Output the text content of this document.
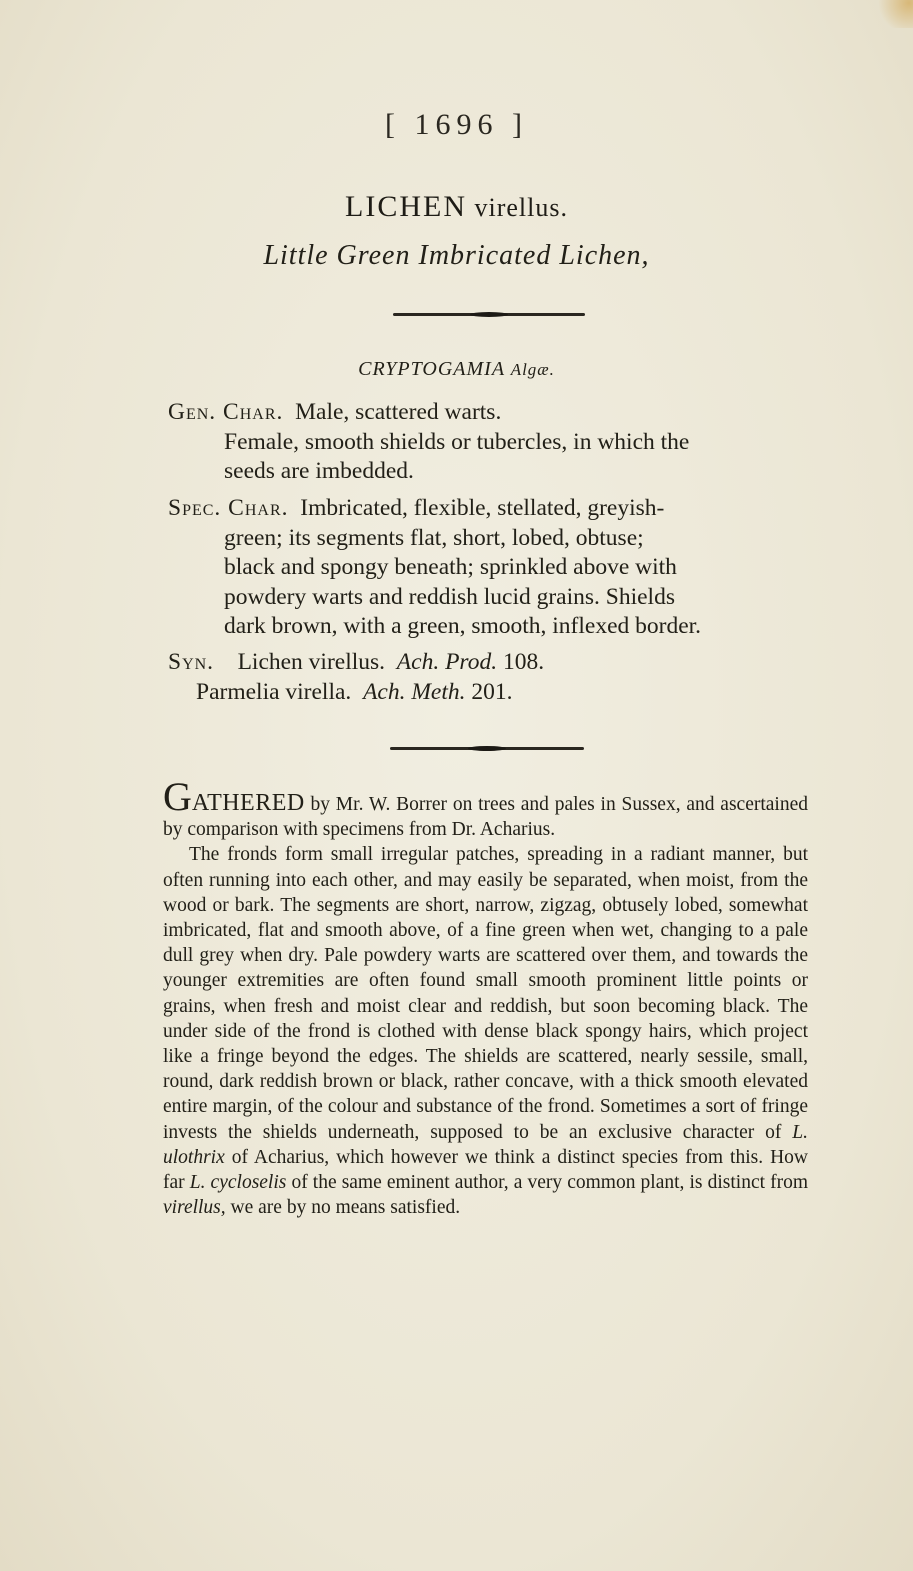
[ 1696 ]
LICHEN virellus.
Little Green Imbricated Lichen,
CRYPTOGAMIA Algæ.
Gen. Char. Male, scattered warts.
Female, smooth shields or tubercles, in which the
seeds are imbedded.
Spec. Char. Imbricated, flexible, stellated, greyish-
green; its segments flat, short, lobed, obtuse;
black and spongy beneath; sprinkled above with
powdery warts and reddish lucid grains. Shields
dark brown, with a green, smooth, inflexed border.
Syn. Lichen virellus. Ach. Prod. 108.
Parmelia virella. Ach. Meth. 201.

GATHERED by Mr. W. Borrer on trees and pales in Sussex, and ascertained by comparison with specimens from Dr. Acharius.

The fronds form small irregular patches, spreading in a radiant manner, but often running into each other, and may easily be separated, when moist, from the wood or bark. The segments are short, narrow, zigzag, obtusely lobed, somewhat imbricated, flat and smooth above, of a fine green when wet, changing to a pale dull grey when dry. Pale powdery warts are scattered over them, and towards the younger extremities are often found small smooth prominent little points or grains, when fresh and moist clear and reddish, but soon becoming black. The under side of the frond is clothed with dense black spongy hairs, which project like a fringe beyond the edges. The shields are scattered, nearly sessile, small, round, dark reddish brown or black, rather concave, with a thick smooth elevated entire margin, of the colour and substance of the frond. Sometimes a sort of fringe invests the shields underneath, supposed to be an exclusive character of L. ulothrix of Acharius, which however we think a distinct species from this. How far L. cycloselis of the same eminent author, a very common plant, is distinct from virellus, we are by no means satisfied.
